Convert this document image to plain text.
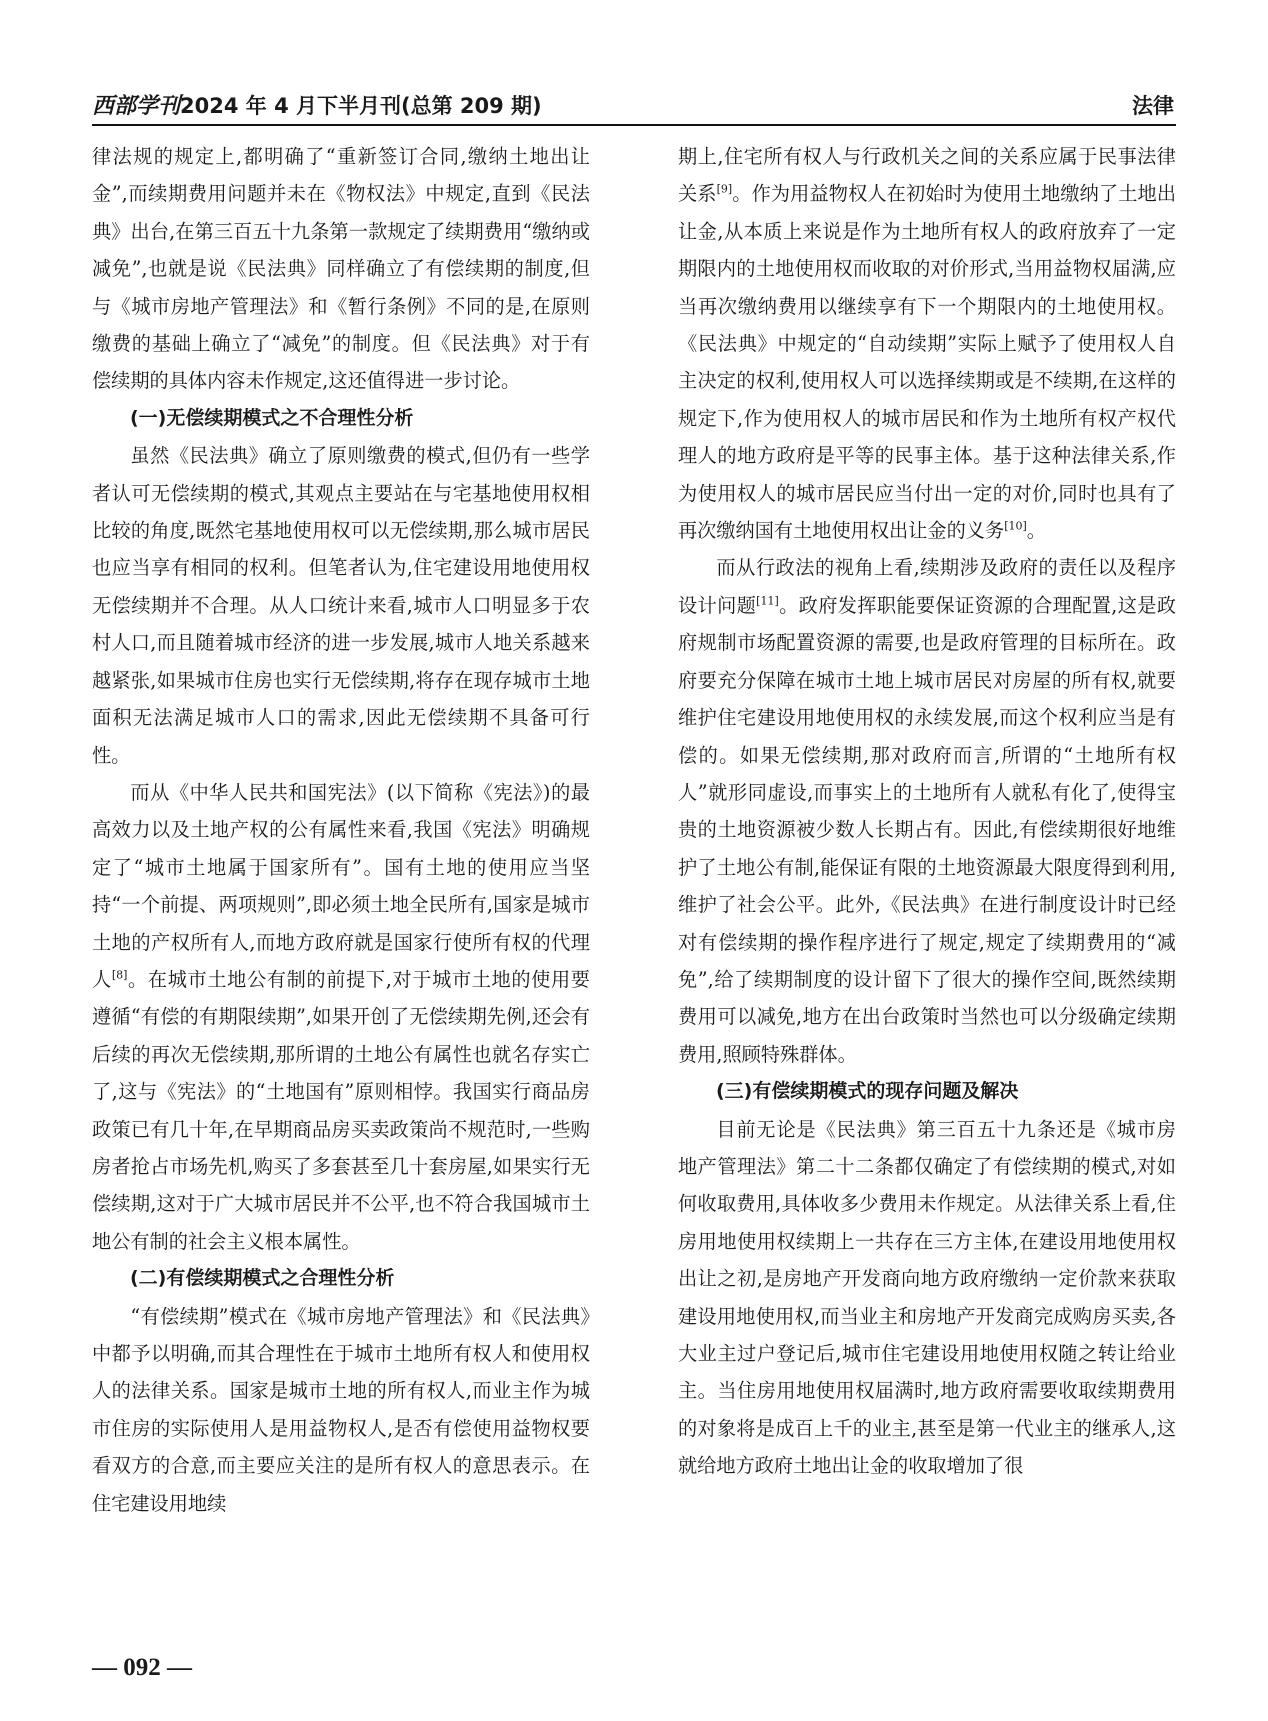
西部学刊2024 年 4 月下半月刊(总第 209 期)	法律

律法规的规定上,都明确了“重新签订合同,缴纳土地出让金”,而续期费用问题并未在《物权法》中规定,直到《民法典》出台,在第三百五十九条第一款规定了续期费用“缴纳或减免”,也就是说《民法典》同样确立了有偿续期的制度,但与《城市房地产管理法》和《暂行条例》不同的是,在原则缴费的基础上确立了“减免”的制度。但《民法典》对于有偿续期的具体内容未作规定,这还值得进一步讨论。

(一)无偿续期模式之不合理性分析

虽然《民法典》确立了原则缴费的模式,但仍有一些学者认可无偿续期的模式,其观点主要站在与宅基地使用权相比较的角度,既然宅基地使用权可以无偿续期,那么城市居民也应当享有相同的权利。但笔者认为,住宅建设用地使用权无偿续期并不合理。从人口统计来看,城市人口明显多于农村人口,而且随着城市经济的进一步发展,城市人地关系越来越紧张,如果城市住房也实行无偿续期,将存在现存城市土地面积无法满足城市人口的需求,因此无偿续期不具备可行性。

而从《中华人民共和国宪法》(以下简称《宪法》)的最高效力以及土地产权的公有属性来看,我国《宪法》明确规定了“城市土地属于国家所有”。国有土地的使用应当坚持“一个前提、两项规则”,即必须土地全民所有,国家是城市土地的产权所有人,而地方政府就是国家行使所有权的代理人[8]。在城市土地公有制的前提下,对于城市土地的使用要遵循“有偿的有期限续期”,如果开创了无偿续期先例,还会有后续的再次无偿续期,那所谓的土地公有属性也就名存实亡了,这与《宪法》的“土地国有”原则相悖。我国实行商品房政策已有几十年,在早期商品房买卖政策尚不规范时,一些购房者抢占市场先机,购买了多套甚至几十套房屋,如果实行无偿续期,这对于广大城市居民并不公平,也不符合我国城市土地公有制的社会主义根本属性。

(二)有偿续期模式之合理性分析

“有偿续期”模式在《城市房地产管理法》和《民法典》中都予以明确,而其合理性在于城市土地所有权人和使用权人的法律关系。国家是城市土地的所有权人,而业主作为城市住房的实际使用人是用益物权人,是否有偿使用益物权要看双方的合意,而主要应关注的是所有权人的意思表示。在住宅建设用地续

期上,住宅所有权人与行政机关之间的关系应属于民事法律关系[9]。作为用益物权人在初始时为使用土地缴纳了土地出让金,从本质上来说是作为土地所有权人的政府放弃了一定期限内的土地使用权而收取的对价形式,当用益物权届满,应当再次缴纳费用以继续享有下一个期限内的土地使用权。《民法典》中规定的“自动续期”实际上赋予了使用权人自主决定的权利,使用权人可以选择续期或是不续期,在这样的规定下,作为使用权人的城市居民和作为土地所有权产权代理人的地方政府是平等的民事主体。基于这种法律关系,作为使用权人的城市居民应当付出一定的对价,同时也具有了再次缴纳国有土地使用权出让金的义务[10]。

而从行政法的视角上看,续期涉及政府的责任以及程序设计问题[11]。政府发挥职能要保证资源的合理配置,这是政府规制市场配置资源的需要,也是政府管理的目标所在。政府要充分保障在城市土地上城市居民对房屋的所有权,就要维护住宅建设用地使用权的永续发展,而这个权利应当是有偿的。如果无偿续期,那对政府而言,所谓的“土地所有权人”就形同虚设,而事实上的土地所有人就私有化了,使得宝贵的土地资源被少数人长期占有。因此,有偿续期很好地维护了土地公有制,能保证有限的土地资源最大限度得到利用,维护了社会公平。此外,《民法典》在进行制度设计时已经对有偿续期的操作程序进行了规定,规定了续期费用的“减免”,给了续期制度的设计留下了很大的操作空间,既然续期费用可以减免,地方在出台政策时当然也可以分级确定续期费用,照顾特殊群体。

(三)有偿续期模式的现存问题及解决

目前无论是《民法典》第三百五十九条还是《城市房地产管理法》第二十二条都仅确定了有偿续期的模式,对如何收取费用,具体收多少费用未作规定。从法律关系上看,住房用地使用权续期上一共存在三方主体,在建设用地使用权出让之初,是房地产开发商向地方政府缴纳一定价款来获取建设用地使用权,而当业主和房地产开发商完成购房买卖,各大业主过户登记后,城市住宅建设用地使用权随之转让给业主。当住房用地使用权届满时,地方政府需要收取续期费用的对象将是成百上千的业主,甚至是第一代业主的继承人,这就给地方政府土地出让金的收取增加了很

— 092 —
